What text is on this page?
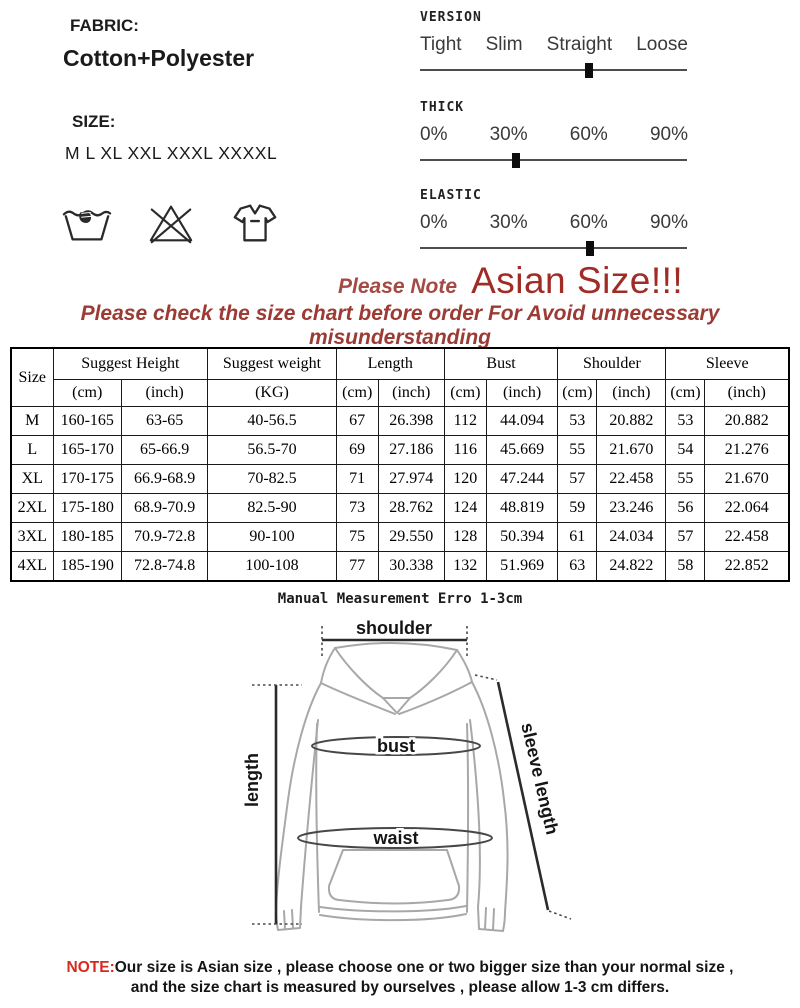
FABRIC:
Cotton+Polyester
SIZE:
M L XL XXL XXXL XXXXL
VERSION
Tight Slim Straight Loose
THICK
0% 30% 60% 90%
ELASTIC
0% 30% 60% 90%
Please Note Asian Size!!!
Please check the size chart before order For Avoid unnecessary misunderstanding
Size	Suggest Height		Suggest weight	Length		Bust		Shoulder		Sleeve	
	(cm)	(inch)	(KG)	(cm)	(inch)	(cm)	(inch)	(cm)	(inch)	(cm)	(inch)
M	160-165	63-65	40-56.5	67	26.398	112	44.094	53	20.882	53	20.882
L	165-170	65-66.9	56.5-70	69	27.186	116	45.669	55	21.670	54	21.276
XL	170-175	66.9-68.9	70-82.5	71	27.974	120	47.244	57	22.458	55	21.670
2XL	175-180	68.9-70.9	82.5-90	73	28.762	124	48.819	59	23.246	56	22.064
3XL	180-185	70.9-72.8	90-100	75	29.550	128	50.394	61	24.034	57	22.458
4XL	185-190	72.8-74.8	100-108	77	30.338	132	51.969	63	24.822	58	22.852
Manual Measurement Erro 1-3cm
shoulder
length
bust
waist
sleeve length
NOTE:Our size is Asian size , please choose one or two bigger size than your normal size , and the size chart is measured by ourselves , please allow 1-3 cm differs.
